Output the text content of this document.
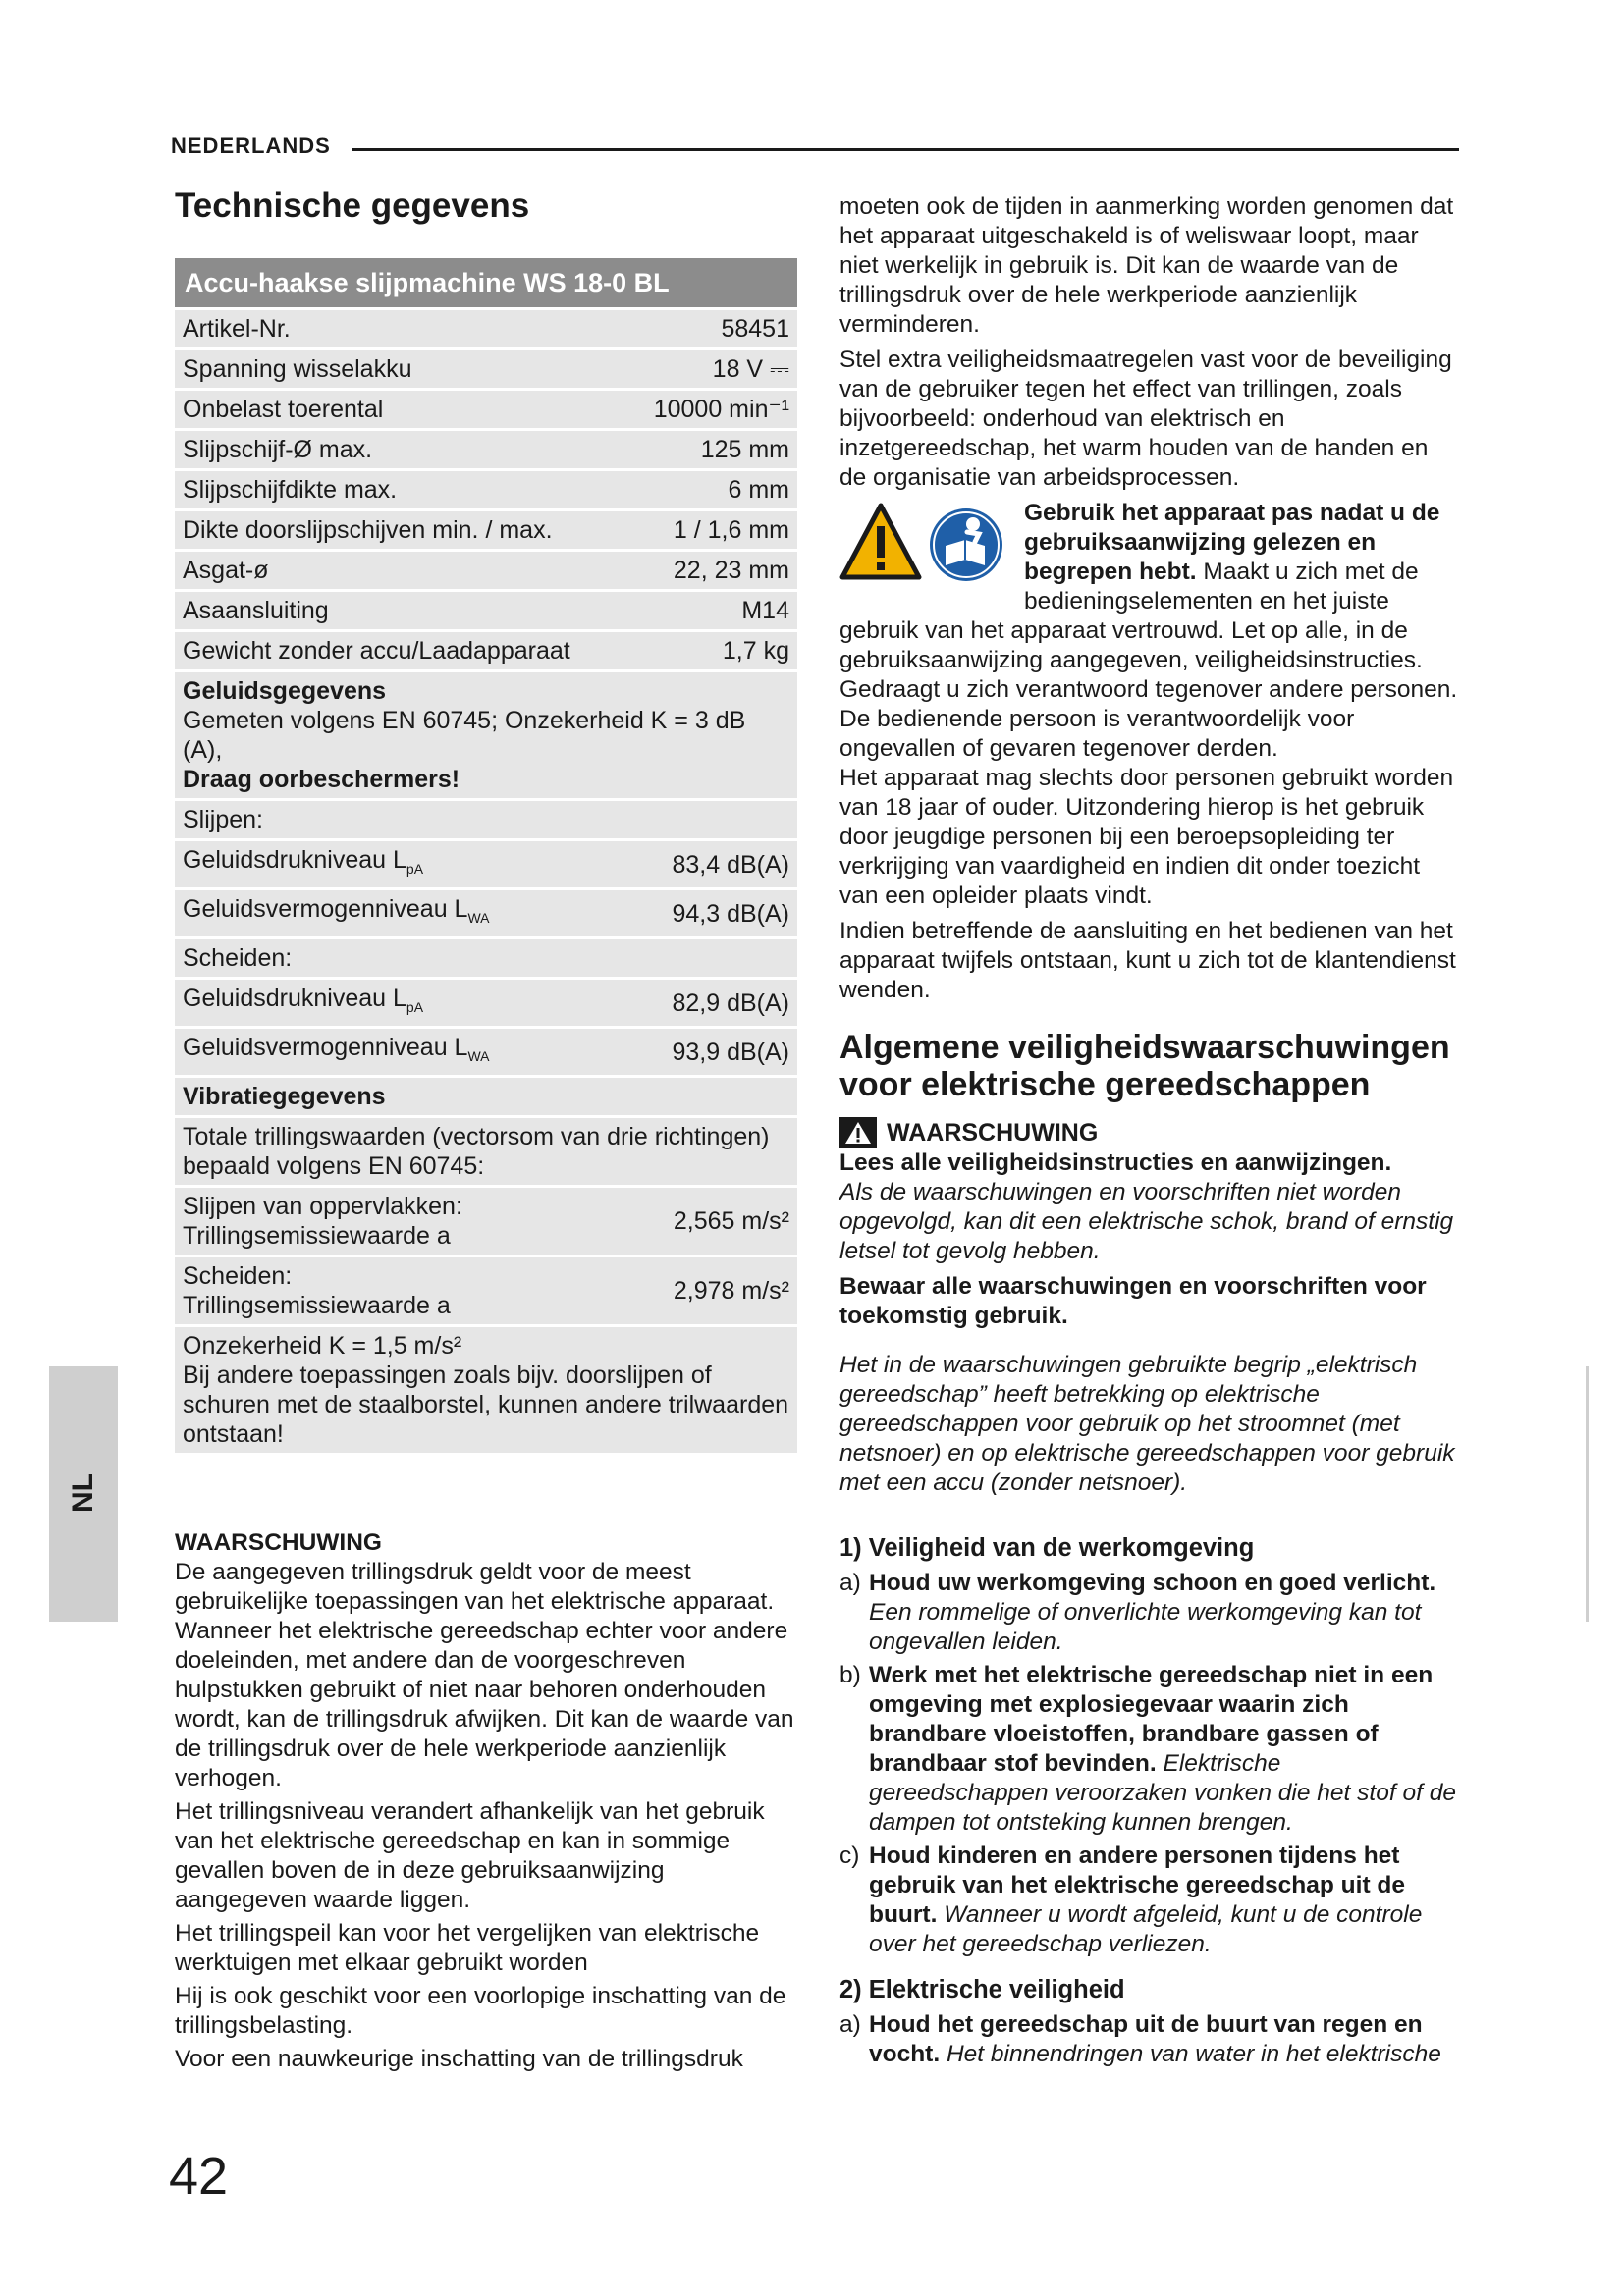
NEDERLANDS
NL
Technische gegevens
Accu-haakse slijpmachine WS 18-0 BL	
Artikel-Nr.	58451
Spanning wisselakku	18 V ⎓
Onbelast toerental	10000 min⁻¹
Slijpschijf-Ø max.	125 mm
Slijpschijfdikte max.	6 mm
Dikte doorslijpschijven min. / max.	1 / 1,6 mm
Asgat-ø	22, 23 mm
Asaansluiting	M14
Gewicht zonder accu/Laadapparaat	1,7 kg

Geluidsgegevens
Gemeten volgens EN 60745; Onzekerheid K = 3 dB (A),
Draag oorbeschermers!	

Slijpen:	
Geluidsdrukniveau $L_{pA}$	83,4 dB(A)
Geluidsvermogenniveau $L_{WA}$	94,3 dB(A)
Scheiden:	
Geluidsdrukniveau $L_{pA}$	82,9 dB(A)
Geluidsvermogenniveau $L_{WA}$	93,9 dB(A)
Vibratiegegevens	
Totale trillingswaarden (vectorsom van drie richtingen) bepaald volgens EN 60745:	

Slijpen van oppervlakken:
Trillingsemissiewaarde a	2,565 m/s²

Scheiden:
Trillingsemissiewaarde a	2,978 m/s²

Onzekerheid K = 1,5 m/s²
Bij andere toepassingen zoals bijv. doorslijpen of schuren met de staalborstel, kunnen andere trilwaarden ontstaan!	
WAARSCHUWING

De aangegeven trillingsdruk geldt voor de meest gebruikelijke toepassingen van het elektrische apparaat. Wanneer het elektrische gereedschap echter voor andere doeleinden, met andere dan de voorgeschreven hulpstukken gebruikt of niet naar behoren onderhouden wordt, kan de trillingsdruk afwijken. Dit kan de waarde van de trillingsdruk over de hele werkperiode aanzienlijk verhogen.

Het trillingsniveau verandert afhankelijk van het gebruik van het elektrische gereedschap en kan in sommige gevallen boven de in deze gebruiksaanwijzing aangegeven waarde liggen.

Het trillingspeil kan voor het vergelijken van elektrische werktuigen met elkaar gebruikt worden

Hij is ook geschikt voor een voorlopige inschatting van de trillingsbelasting.

Voor een nauwkeurige inschatting van de trillingsdruk

moeten ook de tijden in aanmerking worden genomen dat het apparaat uitgeschakeld is of weliswaar loopt, maar niet werkelijk in gebruik is. Dit kan de waarde van de trillingsdruk over de hele werkperiode aanzienlijk verminderen.

Stel extra veiligheidsmaatregelen vast voor de beveiliging van de gebruiker tegen het effect van trillingen, zoals bijvoorbeeld: onderhoud van elektrisch en inzetgereedschap, het warm houden van de handen en de organisatie van arbeidsprocessen.

Gebruik het apparaat pas nadat u de gebruiksaanwijzing gelezen en begrepen hebt. Maakt u zich met de bedieningselementen en het juiste gebruik van het apparaat vertrouwd. Let op alle, in de gebruiksaanwijzing aangegeven, veiligheidsinstructies. Gedraagt u zich verantwoord tegenover andere personen. De bedienende persoon is verantwoordelijk voor ongevallen of gevaren tegenover derden.

Het apparaat mag slechts door personen gebruikt worden van 18 jaar of ouder. Uitzondering hierop is het gebruik door jeugdige personen bij een beroepsopleiding ter verkrijging van vaardigheid en indien dit onder toezicht van een opleider plaats vindt.

Indien betreffende de aansluiting en het bedienen van het apparaat twijfels ontstaan, kunt u zich tot de klantendienst wenden.

Algemene veiligheidswaarschuwingen voor elektrische gereedschappen
WAARSCHUWING
Lees alle veiligheidsinstructies en aanwijzingen.

Als de waarschuwingen en voorschriften niet worden opgevolgd, kan dit een elektrische schok, brand of ernstig letsel tot gevolg hebben.

Bewaar alle waarschuwingen en voorschriften voor toekomstig gebruik.

Het in de waarschuwingen gebruikte begrip „elektrisch gereedschap” heeft betrekking op elektrische gereedschappen voor gebruik op het stroomnet (met netsnoer) en op elektrische gereedschappen voor gebruik met een accu (zonder netsnoer).

1) Veiligheid van de werkomgeving
a) Houd uw werkomgeving schoon en goed verlicht.
Een rommelige of onverlichte werkomgeving kan tot ongevallen leiden.
b) Werk met het elektrische gereedschap niet in een omgeving met explosiegevaar waarin zich brandbare vloeistoffen, brandbare gassen of brandbaar stof bevinden. Elektrische gereedschappen veroorzaken vonken die het stof of de dampen tot ontsteking kunnen brengen.
c) Houd kinderen en andere personen tijdens het gebruik van het elektrische gereedschap uit de buurt. Wanneer u wordt afgeleid, kunt u de controle over het gereedschap verliezen.
2) Elektrische veiligheid
a) Houd het gereedschap uit de buurt van regen en vocht. Het binnendringen van water in het elektrische
42
